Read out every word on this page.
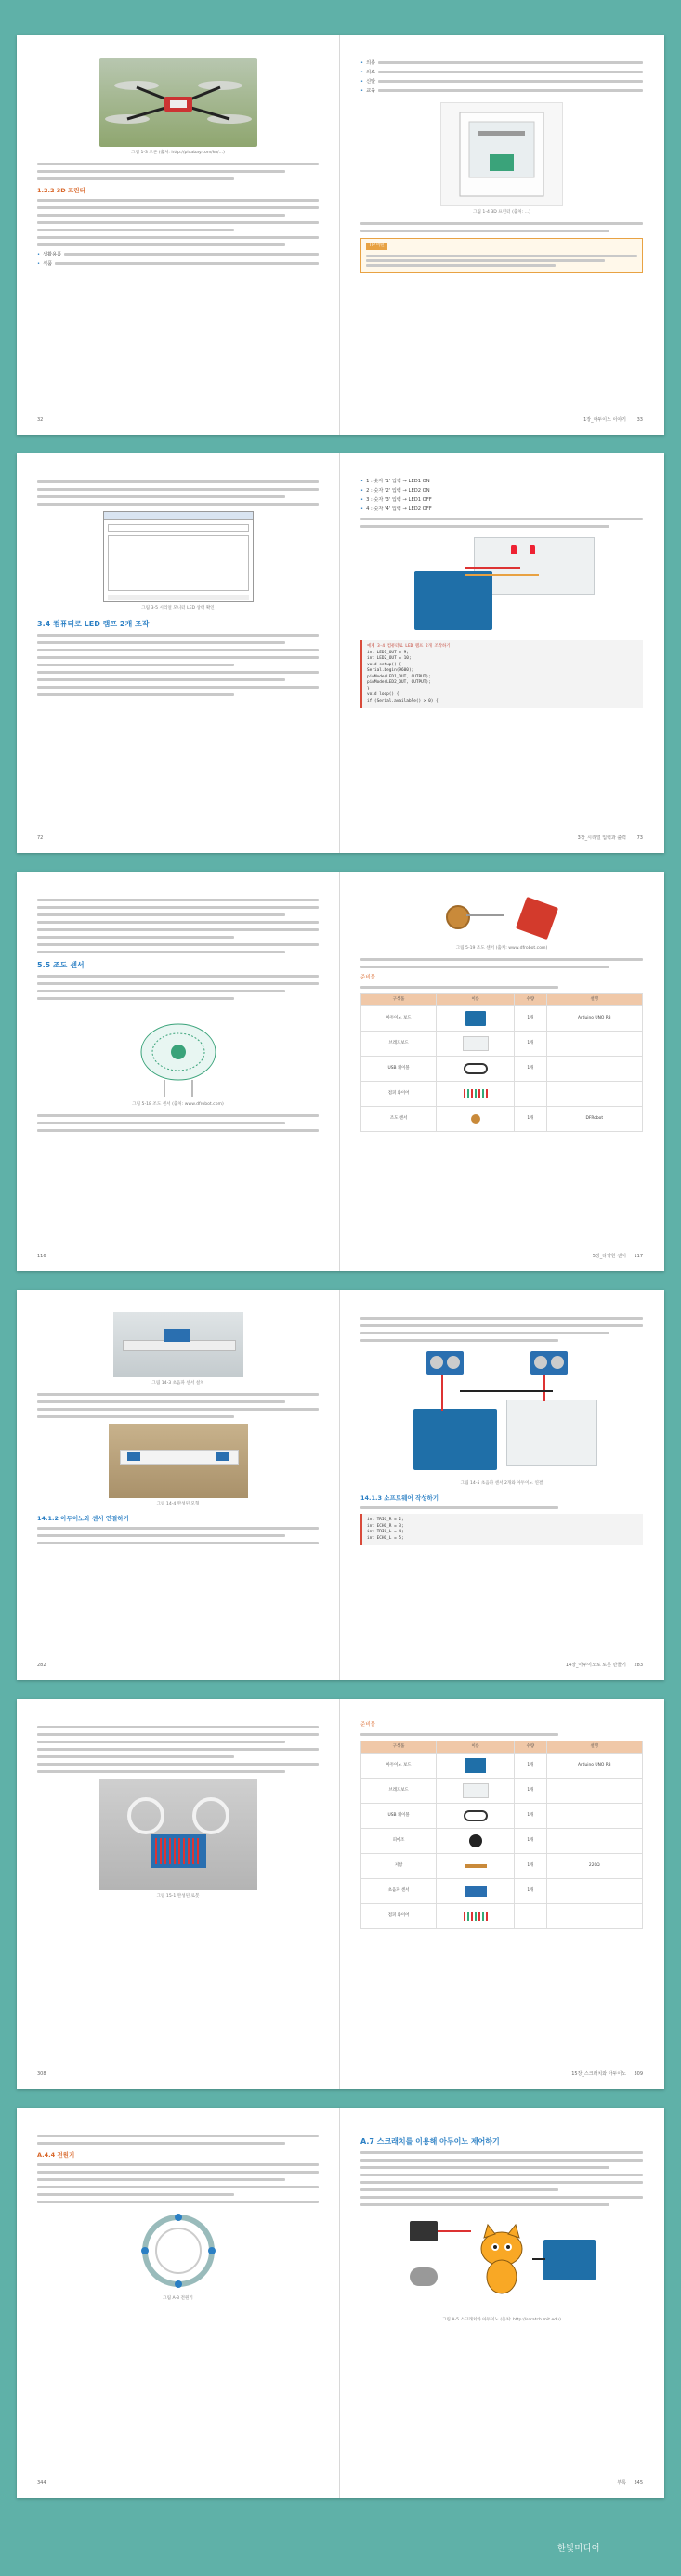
그림 1-3 드론 (출처: http://pixabay.com/ko/...)
1.2.2 3D 프린터
• 생활용품
• 식품
32
• 의류
• 의료
• 신발
• 교육
그림 1-4 3D 프린터 (출처: ...)
TIP 어떤
1장_아두이노 이야기 33
그림 3-5 시리얼 모니터 LED 상태 확인
3.4 컴퓨터로 LED 램프 2개 조작
72
• 1 : 숫자 '1' 입력 → LED1 ON
• 2 : 숫자 '2' 입력 → LED2 ON
• 3 : 숫자 '3' 입력 → LED1 OFF
• 4 : 숫자 '4' 입력 → LED2 OFF
예제 3-4 컴퓨터로 LED 램프 2개 조작하기
int LED1_OUT = 9;
int LED2_OUT = 10;
void setup() {
Serial.begin(9600);
pinMode(LED1_OUT, OUTPUT);
pinMode(LED2_OUT, OUTPUT);
}
void loop() {
if (Serial.available() > 0) {
3장_시리얼 입력과 출력 73
5.5 조도 센서
그림 5-18 조도 센서 (출처: www.dfrobot.com)
116
그림 5-19 조도 센서 (출처: www.dfrobot.com)
준비물
구성품	이름	수량	설명
아두이노 보드		1개	Arduino UNO R3
브레드보드		1개	
USB 케이블		1개	
점퍼 와이어	

조도 센서		1개	DFRobot
5장_다양한 센서 117
그림 14-3 초음파 센서 설치
그림 14-4 완성된 모형
14.1.2 아두이노와 센서 연결하기
282
그림 14-5 초음파 센서 2개와 아두이노 연결
14.1.3 소프트웨어 작성하기
int TRIG_R = 2;
int ECHO_R = 3;
int TRIG_L = 4;
int ECHO_L = 5;
14장_아두이노로 로봇 만들기 283
그림 15-1 완성된 로봇
308
준비물
구성품	이름	수량	설명
아두이노 보드		1개	Arduino UNO R3
브레드보드		1개	
USB 케이블		1개	
피에조		1개	
저항		1개	220Ω
초음파 센서		1개	
점퍼 와이어	

15장_스크래치와 아두이노 309
A.4.4 전원기
그림 A-3 전원기
344
A.7 스크래치를 이용해 아두이노 제어하기
그림 A-5 스크래치와 아두이노 (출처: http://scratch.mit.edu)
부록 345
한빛미디어
